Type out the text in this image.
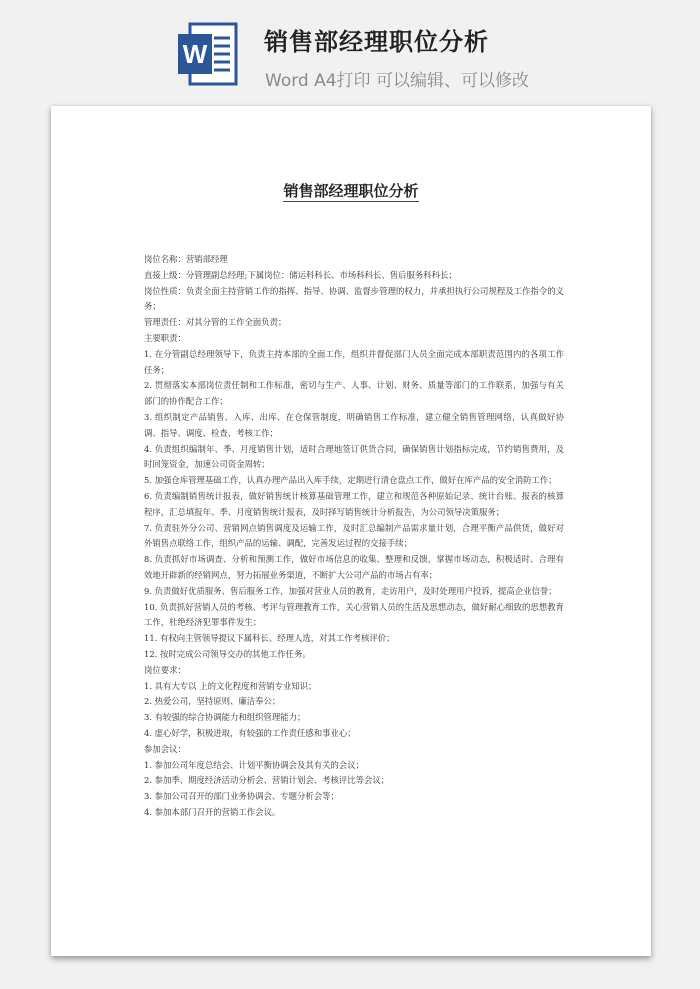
W 销售部经理职位分析
Word A4打印 可以编辑、可以修改
销售部经理职位分析
岗位名称：营销部经理
直接上级：分管理副总经理;下属岗位：储运科科长、市场科科长、售后服务科科长；
岗位性质：负责全面主持营销工作的指挥、指导、协调、监督步管理的权力，并承担执行公司规程及工作指令的义务；
管理责任：对其分管的工作全面负责；
主要职责：
1. 在分管副总经理领导下，负责主持本部的全面工作，组织并督促部门人员全面完成本部职责范围内的各项工作任务；
2. 贯彻落实本部岗位责任制和工作标准，密切与生产、人事、计划、财务、质量等部门的工作联系，加强与有关部门的协作配合工作；
3. 组织制定产品销售、入库、出库、在仓保管制度，明确销售工作标准，建立健全销售管理网络，认真做好协调、指导、调度、检查、考核工作；
4. 负责组织编制年、季、月度销售计划，适时合理地签订供货合同，确保销售计划指标完成，节约销售费用，及时回笼资金，加速公司资金周转；
5. 加强仓库管理基础工作，认真办理产品出入库手续，定期进行清仓盘点工作，做好在库产品的安全消防工作；
6. 负责编制销售统计报表，做好销售统计核算基础管理工作，建立和规范各种原始记录、统计台账、报表的核算程序，汇总填报年、季、月度销售统计报表，及时择写销售统计分析报告，为公司领导决策服务；
7. 负责驻外分公司、营销网点销售调度及运输工作，及时汇总编制产品需求量计划，合理平衡产品供货，做好对外销售点联络工作，组织产品的运输、调配，完善发运过程的交接手续；
8. 负责抓好市场调查、分析和预测工作，做好市场信息的收集、整理和反馈，掌握市场动态，积极适时、合理有效地开辟新的经销网点，努力拓展业务渠道，不断扩大公司产品的市场占有率；
9. 负责做好优质服务、售后服务工作，加强对营业人员的教育，走访用户，及时处理用户投诉，提高企业信誉；
10. 负责抓好营销人员的考核、考评与管理教育工作，关心营销人员的生活及思想动态，做好耐心细致的思想教育工作，杜绝经济犯罪事件发生；
11. 有权向主管领导提议下属科长、经理人选，对其工作考核评价；
12. 按时完成公司领导交办的其他工作任务。
岗位要求：
1. 具有大专以 上的文化程度和营销专业知识；
2. 热爱公司，坚持原则、廉洁奉公；
3. 有较强的综合协调能力和组织管理能力；
4. 虚心好学，积极进取，有较强的工作责任感和事业心；
参加会议：
1. 参加公司年度总结会、计划平衡协调会及其有关的会议；
2. 参加季、期度经济活动分析会、营销计划会、考核评比等会议；
3. 参加公司召开的部门业务协调会、专题分析会等；
4. 参加本部门召开的营销工作会议。
